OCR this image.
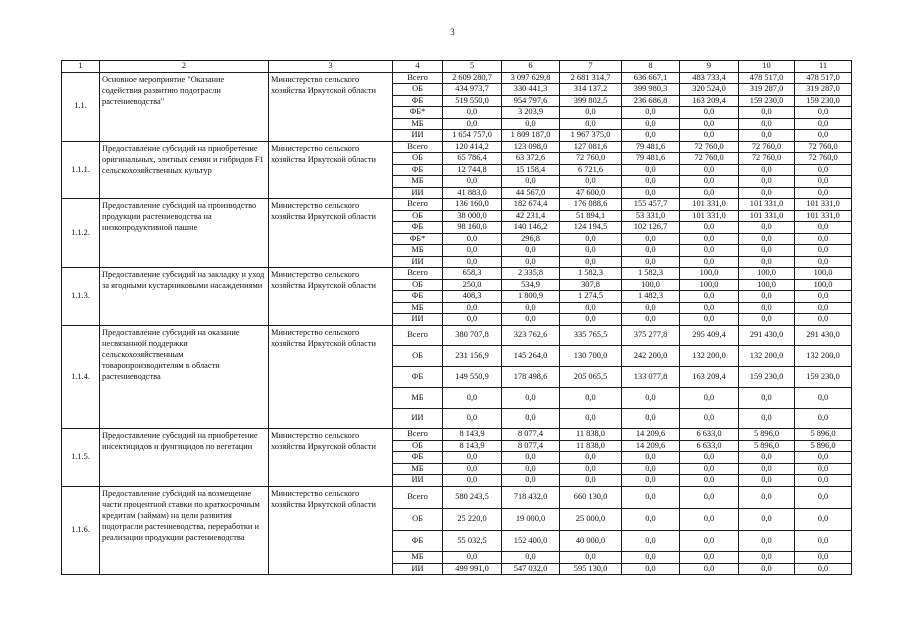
3
1	2	3	4	5	6	7	8	9	10	11
1.1.	Основное мероприятие "Оказание содействия развитию подотрасли растениеводства"	Министерство сельского хозяйства Иркутской области	Всего	2 609 280,7	3 097 629,8	2 681 314,7	636 667,1	483 733,4	478 517,0	478 517,0
			ОБ	434 973,7	330 441,3	314 137,2	399 980,3	320 524,0	319 287,0	319 287,0
			ФБ	519 550,0	954 797,6	399 802,5	236 686,8	163 209,4	159 230,0	159 230,0
			ФБ*	0,0	3 203,9	0,0	0,0	0,0	0,0	0,0
			МБ	0,0	0,0	0,0	0,0	0,0	0,0	0,0
			ИИ	1 654 757,0	1 809 187,0	1 967 375,0	0,0	0,0	0,0	0,0
1.1.1.	Предоставление субсидий на приобретение оригинальных, элитных семян и гибридов F1 сельскохозяйственных культур	Министерство сельского хозяйства Иркутской области	Всего	120 414,2	123 098,0	127 081,6	79 481,6	72 760,0	72 760,0	72 760,0
			ОБ	65 786,4	63 372,6	72 760,0	79 481,6	72 760,0	72 760,0	72 760,0
			ФБ	12 744,8	15 158,4	6 721,6	0,0	0,0	0,0	0,0
			МБ	0,0	0,0	0,0	0,0	0,0	0,0	0,0
			ИИ	41 883,0	44 567,0	47 600,0	0,0	0,0	0,0	0,0
1.1.2.	Предоставление субсидий на производство продукции растениеводства на низкопродуктивной пашне	Министерство сельского хозяйства Иркутской области	Всего	136 160,0	182 674,4	176 088,6	155 457,7	101 331,0	101 331,0	101 331,0
			ОБ	38 000,0	42 231,4	51 894,1	53 331,0	101 331,0	101 331,0	101 331,0
			ФБ	98 160,0	140 146,2	124 194,5	102 126,7	0,0	0,0	0,0
			ФБ*	0,0	296,8	0,0	0,0	0,0	0,0	0,0
			МБ	0,0	0,0	0,0	0,0	0,0	0,0	0,0
			ИИ	0,0	0,0	0,0	0,0	0,0	0,0	0,0
1.1.3.	Предоставление субсидий на закладку и уход за ягодными кустарниковыми насаждениями	Министерство сельского хозяйства Иркутской области	Всего	658,3	2 335,8	1 582,3	1 582,3	100,0	100,0	100,0
			ОБ	250,0	534,9	307,8	100,0	100,0	100,0	100,0
			ФБ	408,3	1 800,9	1 274,5	1 482,3	0,0	0,0	0,0
			МБ	0,0	0,0	0,0	0,0	0,0	0,0	0,0
			ИИ	0,0	0,0	0,0	0,0	0,0	0,0	0,0
1.1.4.	Предоставление субсидий на оказание несвязанной поддержки сельскохозяйственным товаропроизводителям в области растениеводства	Министерство сельского хозяйства Иркутской области	Всего	380 707,8	323 762,6	335 765,5	375 277,8	295 409,4	291 430,0	291 430,0
			ОБ	231 156,9	145 264,0	130 700,0	242 200,0	132 200,0	132 200,0	132 200,0
			ФБ	149 550,9	178 498,6	205 065,5	133 077,8	163 209,4	159 230,0	159 230,0
			МБ	0,0	0,0	0,0	0,0	0,0	0,0	0,0
			ИИ	0,0	0,0	0,0	0,0	0,0	0,0	0,0
1.1.5.	Предоставление субсидий на приобретение инсектицидов и фунгицидов по вегетации	Министерство сельского хозяйства Иркутской области	Всего	8 143,9	8 077,4	11 838,0	14 209,6	6 633,0	5 896,0	5 896,0
			ОБ	8 143,9	8 077,4	11 838,0	14 209,6	6 633,0	5 896,0	5 896,0
			ФБ	0,0	0,0	0,0	0,0	0,0	0,0	0,0
			МБ	0,0	0,0	0,0	0,0	0,0	0,0	0,0
			ИИ	0,0	0,0	0,0	0,0	0,0	0,0	0,0
1.1.6.	Предоставление субсидий на возмещение части процентной ставки по краткосрочным кредитам (займам) на цели развития подотрасли растениеводства, переработки и реализации продукции растениеводства	Министерство сельского хозяйства Иркутской области	Всего	580 243,5	718 432,0	660 130,0	0,0	0,0	0,0	0,0
			ОБ	25 220,0	19 000,0	25 000,0	0,0	0,0	0,0	0,0
			ФБ	55 032,5	152 400,0	40 000,0	0,0	0,0	0,0	0,0
			МБ	0,0	0,0	0,0	0,0	0,0	0,0	0,0
			ИИ	499 991,0	547 032,0	595 130,0	0,0	0,0	0,0	0,0
